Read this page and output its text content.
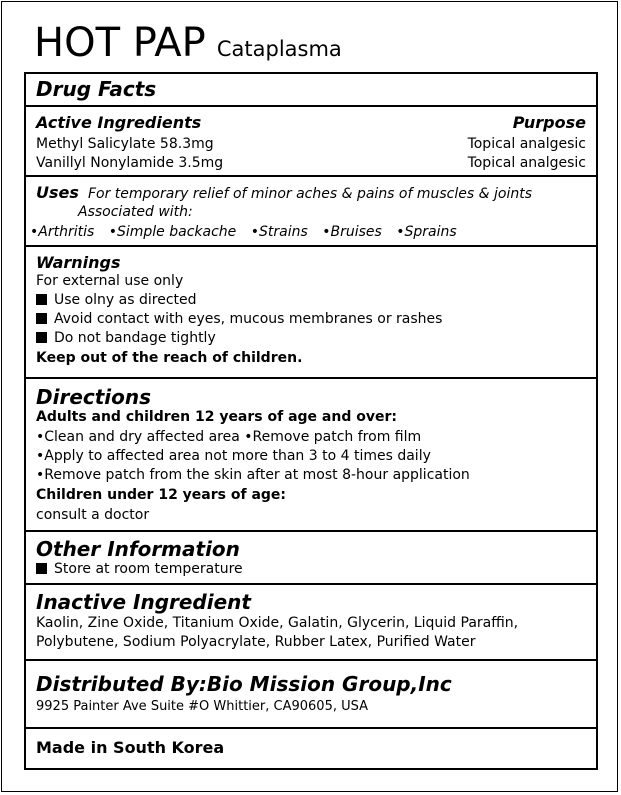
HOT PAP Cataplasma
Drug Facts
Active Ingredients	Purpose
Methyl Salicylate 58.3mg	Topical analgesic
Vanillyl Nonylamide 3.5mg	Topical analgesic
Uses For temporary relief of minor aches & pains of muscles & joints
Associated with:
•Arthritis •Simple backache •Strains •Bruises •Sprains
Warnings
For external use only
Use olny as directed
Avoid contact with eyes, mucous membranes or rashes
Do not bandage tightly
Keep out of the reach of children.
Directions
Adults and children 12 years of age and over:
•Clean and dry affected area •Remove patch from film
•Apply to affected area not more than 3 to 4 times daily
•Remove patch from the skin after at most 8-hour application
Children under 12 years of age:
consult a doctor
Other Information
Store at room temperature
Inactive Ingredient
Kaolin, Zine Oxide, Titanium Oxide, Galatin, Glycerin, Liquid Paraffin,
Polybutene, Sodium Polyacrylate, Rubber Latex, Purified Water
Distributed By:Bio Mission Group,Inc
9925 Painter Ave Suite #O Whittier, CA90605, USA
Made in South Korea
